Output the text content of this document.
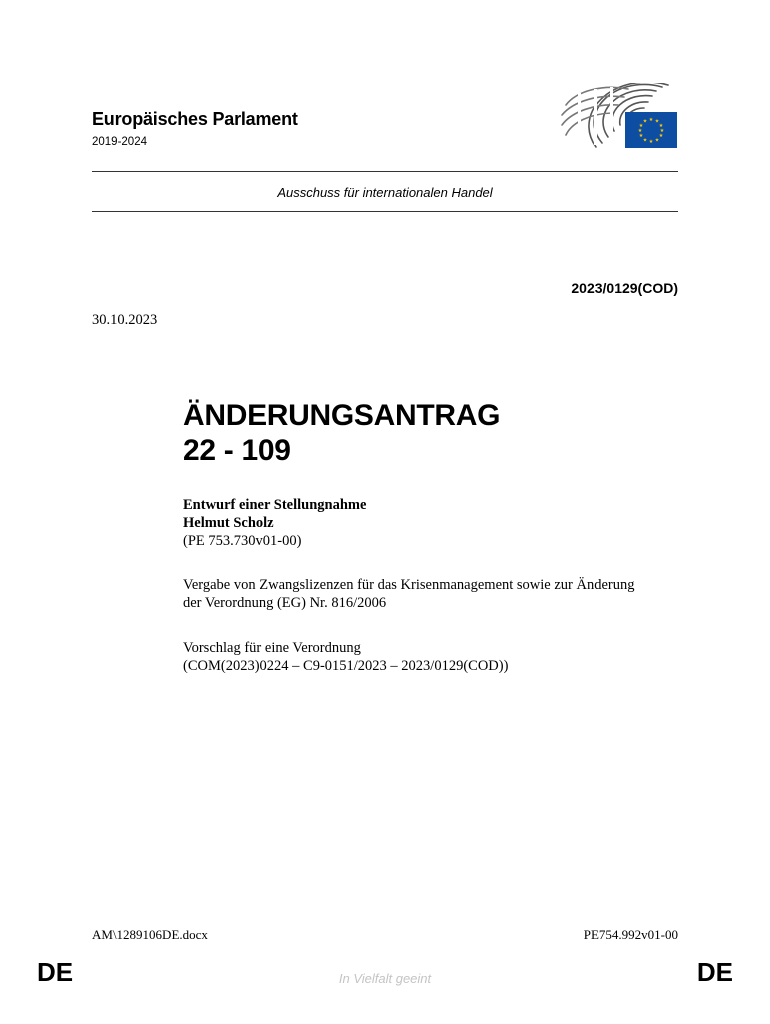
Europäisches Parlament
2019-2024
★ ★
★
★
★
★
★
★
★
★
★
★
Ausschuss für internationalen Handel
2023/0129(COD)
30.10.2023
ÄNDERUNGSANTRAG
22 - 109
Entwurf einer Stellungnahme
Helmut Scholz
(PE 753.730v01-00)
Vergabe von Zwangslizenzen für das Krisenmanagement sowie zur Änderung
der Verordnung (EG) Nr. 816/2006
Vorschlag für eine Verordnung
(COM(2023)0224 – C9-0151/2023 – 2023/0129(COD))
AM\1289106DE.docx	PE754.992v01-00
DE	In Vielfalt geeint	DE
